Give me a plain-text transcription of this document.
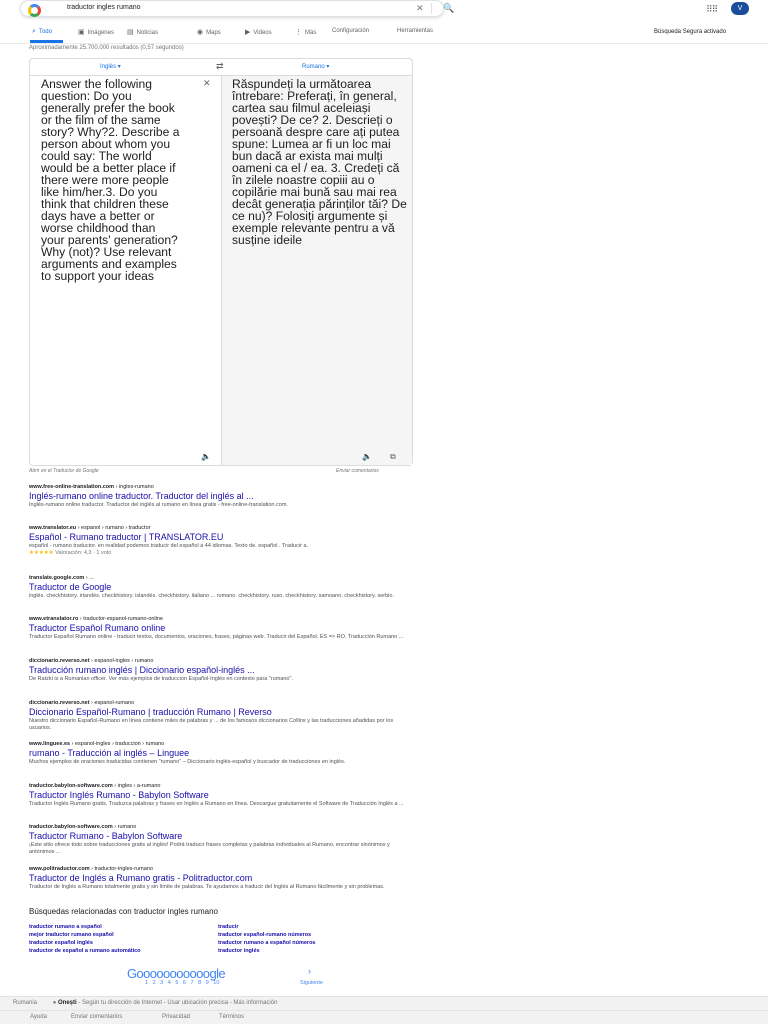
traductor ingles rumano	✕ 🔍	⠿⠿	V
⌕ Todo	▣ Imágenes ▤ Noticias	◉ Maps	▶ Videos	⋮ Más	Configuración	Herramientas	Búsqueda Segura activado
Aproximadamente 25.700.000 resultados (0,57 segundos)
Inglés ▾	⇄	Rumano ▾
Answer the following question: Do you generally prefer the book or the film of the same story? Why?2. Describe a person about whom you could say: The world would be a better place if there were more people like him/her.3. Do you think that children these days have a better or worse childhood than your parents' generation? Why (not)? Use relevant arguments and examples to support your ideas
✕
🔈
Răspundeți la următoarea întrebare: Preferați, în general, cartea sau filmul aceleiași povești? De ce? 2. Descrieți o persoană despre care ați putea spune: Lumea ar fi un loc mai bun dacă ar exista mai mulți oameni ca el / ea. 3. Credeți că în zilele noastre copiii au o copilărie mai bună sau mai rea decât generația părinților tăi? De ce nu)? Folosiți argumente și exemple relevante pentru a vă susține ideile
🔈 ⧉
Abrir en el Traductor de Google	Enviar comentarios
www.free-online-translation.com › ingles-rumano
Inglés-rumano online traductor. Traductor del inglés al ...
Inglés-rumano online traductor. Traductor del inglés al rumano en línea gratis - free-online-translation.com.
www.translator.eu › espanol › rumano › traductor
Español - Rumano traductor | TRANSLATOR.EU
español - rumano traductor. en realidad podemos traducir del español a 44 idiomas. Texto de. español . Traducir a.
★★★★★ Valoración: 4,3 · 1 voto
translate.google.com › ...
Traductor de Google
inglés. checkhistory. irlandés. checkhistory. islandés. checkhistory. italiano ... rumano. checkhistory. ruso. checkhistory. samoano. checkhistory. serbio.
www.etranslator.ro › traductor-espanol-rumano-online
Traductor Español Rumano online
Traductor Español Rumano online - traducir textos, documentos, oraciones, frases, páginas web. Traducir del Español. ES => RO. Traducción Rumano ...
diccionario.reverso.net › espanol-ingles › rumano
Traducción rumano inglés | Diccionario español-inglés ...
De Ratzki is a Rumanian officer. Ver más ejemplos de traduccion Español-Inglés en contexto para "rumano".
diccionario.reverso.net › espanol-rumano
Diccionario Español-Rumano | traducción Rumano | Reverso
Nuestro diccionario Español-Rumano en línea contiene miles de palabras y ... de los famosos diccionarios Collins y las traducciones añadidas por los usuarios.
www.linguee.es › espanol-ingles › traduccion › rumano
rumano - Traducción al inglés – Linguee
Muchos ejemplos de oraciones traducidas contienen "rumano" – Diccionario inglés-español y buscador de traducciones en inglés.
traductor.babylon-software.com › ingles › a-rumano
Traductor Inglés Rumano - Babylon Software
Traductor Inglés Rumano gratis. Traduzca palabras y frases en Inglés a Rumano en línea. Descargue gratuitamente el Software de Traducción Inglés a ...
traductor.babylon-software.com › rumano
Traductor Rumano - Babylon Software
¡Este sitio ofrece todo sobre traducciones gratis al inglés! Podrá traducir frases completas y palabras individuales al Rumano, encontrar sinónimos y antónimos ...
www.politraductor.com › traductor-ingles-rumano
Traductor de Inglés a Rumano gratis - Politraductor.com
Traductor de Inglés a Rumano totalmente gratis y sin límite de palabras. Te ayudamos a traducir del Inglés al Rumano fácilmente y sin problemas.
Búsquedas relacionadas con traductor ingles rumano
traductor rumano a español
mejor traductor rumano español
traductor español inglés
traductor de español a rumano automático
traducir
traductor español-rumano números
traductor rumano a español números
traductor inglés
Gooooooooooogle	›
1 2 3 4 5 6 7 8 9 10	Siguiente
Rumania	● Onești - Según tu dirección de Internet - Usar ubicación precisa - Más información
Ayuda	Enviar comentarios	Privacidad	Términos
